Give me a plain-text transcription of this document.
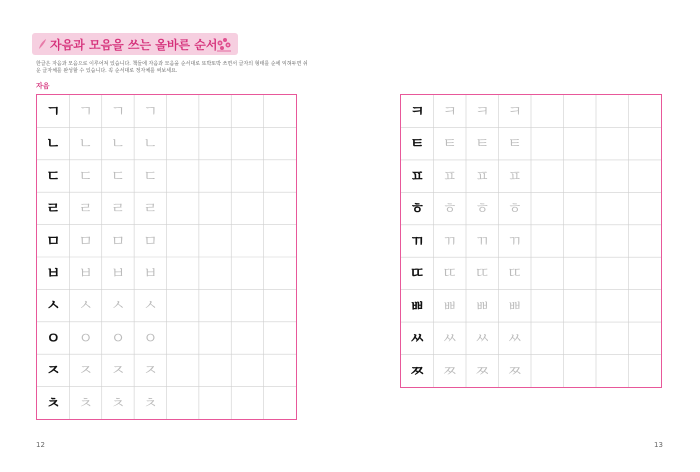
자음과 모음을 쓰는 올바른 순서

한글은 자음과 모음으로 이루어져 있습니다. 책들에 자음과 모음을 순서대로 또박또박 쓰면서 글자의 형태를 순에 익혀두면 쉬

운 글자체를 완성할 수 있습니다. 꼭 순서대로 정자체를 써보세요.

자음
ㄱ	ㄱ	ㄱ	ㄱ
ㄴ	ㄴ	ㄴ	ㄴ
ㄷ	ㄷ	ㄷ	ㄷ
ㄹ	ㄹ	ㄹ	ㄹ
ㅁ	ㅁ	ㅁ	ㅁ
ㅂ	ㅂ	ㅂ	ㅂ
ㅅ	ㅅ	ㅅ	ㅅ
ㅇ	ㅇ	ㅇ	ㅇ
ㅈ	ㅈ	ㅈ	ㅈ
ㅊ	ㅊ	ㅊ	ㅊ
ㅋ	ㅋ	ㅋ	ㅋ
ㅌ	ㅌ	ㅌ	ㅌ
ㅍ	ㅍ	ㅍ	ㅍ
ㅎ	ㅎ	ㅎ	ㅎ
ㄲ	ㄲ	ㄲ	ㄲ
ㄸ	ㄸ	ㄸ	ㄸ
ㅃ	ㅃ	ㅃ	ㅃ
ㅆ	ㅆ	ㅆ	ㅆ
ㅉ	ㅉ	ㅉ	ㅉ
12	13
